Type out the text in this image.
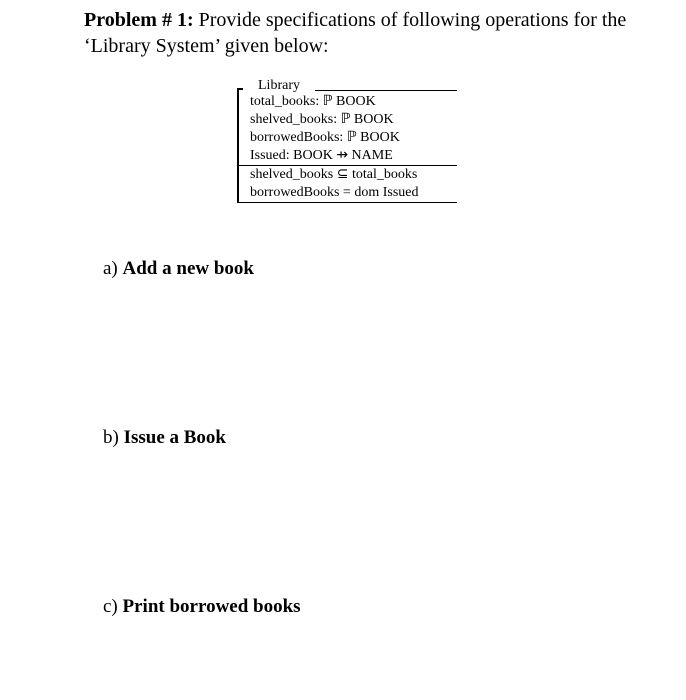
Problem # 1: Provide specifications of following operations for the ‘Library System’ given below:
Library
total_books: ℙ BOOK
shelved_books: ℙ BOOK
borrowedBooks: ℙ BOOK
Issued: BOOK ⇸ NAME
shelved_books ⊆ total_books
borrowedBooks = dom Issued
a) Add a new book
b) Issue a Book
c) Print borrowed books
